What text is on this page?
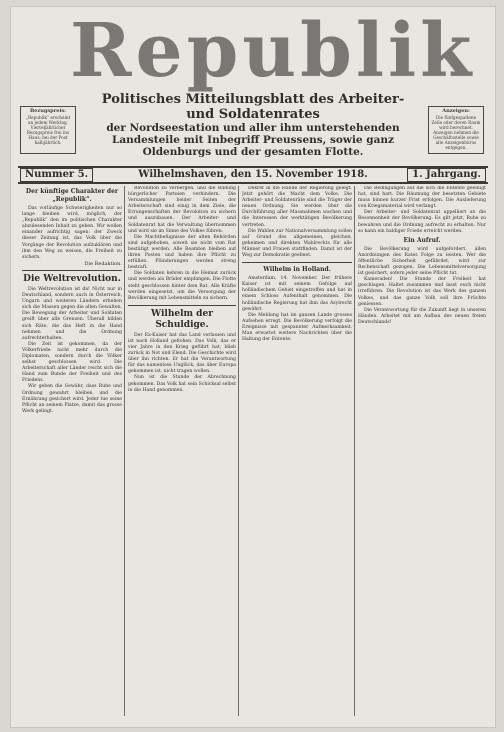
Republik
Bezugspreis:
„Republik“ erscheint an jedem Werktag. Vierteljährlicher Bezugspreis frei ins Haus; bei der Post halbjährlich.
Politisches Mitteilungsblatt des Arbeiter- und Soldatenrates
der Nordseestation und aller ihm unterstehenden Landesteile mit Inbegriff Preussens, sowie ganz Oldenburgs und der gesamten Flotte.
Anzeigen:
Die fünfgespaltene Zeile oder deren Raum wird berechnet. Anzeigen nehmen die Geschäftsstelle sowie alle Anzeigenbüros entgegen.
Nummer 5.	Wilhelmshaven, den 15. November 1918.	1. Jahrgang.
Der künftige Charakter der „Republik“.

Das vorläufige Schwierigkeiten nur so lange bleiben wird, möglich, der „Republik“ den im politischen Charakter abzulesenden Inhalt zu geben. Wir wollen einander aufrichtig sagen: der Zweck dieser Zeitung ist, das Volk über die Vorgänge der Revolution aufzuklären und ihm den Weg zu weisen, die Freiheit zu sichern.

Die Redaktion.
Die Weltrevolution.

Die Weltrevolution ist da! Nicht nur in Deutschland, sondern auch in Österreich, Ungarn und weiteren Ländern erheben sich die Massen gegen die alten Gewalten. Die Bewegung der Arbeiter und Soldaten greift über alle Grenzen. Überall bilden sich Räte, die das Heft in die Hand nehmen und die Ordnung aufrechterhalten.

Die Zeit ist gekommen, da der Völkerfriede nicht mehr durch die Diplomaten, sondern durch die Völker selbst geschlossen wird. Die Arbeiterschaft aller Länder reicht sich die Hand zum Bunde der Freiheit und des Friedens.

Wir geben die Gewähr, dass Ruhe und Ordnung gewahrt bleiben und die Ernährung gesichert wird. Jeder tue seine Pflicht an seinem Platze, damit das grosse Werk gelingt.

Revolution zu verbergen, und die Bildung bürgerlicher Parteien verhindern. Die Versammlungen beider Seiten der Arbeiterschaft sind einig in dem Ziele, die Errungenschaften der Revolution zu sichern und auszubauen. Der Arbeiter- und Soldatenrat hat die Verwaltung übernommen und wird sie im Sinne des Volkes führen.

Die Machtbefugnisse der alten Behörden sind aufgehoben, soweit sie nicht vom Rat bestätigt werden. Alle Beamten bleiben auf ihren Posten und haben ihre Pflicht zu erfüllen. Plünderungen werden streng bestraft.

Die Soldaten kehren in die Heimat zurück und werden als Brüder empfangen. Die Flotte steht geschlossen hinter dem Rat. Alle Kräfte werden eingesetzt, um die Versorgung der Bevölkerung mit Lebensmitteln zu sichern.

Wilhelm der Schuldige.

Der Ex-Kaiser hat das Land verlassen und ist nach Holland geflohen. Das Volk, das er vier Jahre in den Krieg geführt hat, blieb zurück in Not und Elend. Die Geschichte wird über ihn richten. Er hat die Verantwortung für das namenlose Unglück, das über Europa gekommen ist, nicht tragen wollen.

Nun ist die Stunde der Abrechnung gekommen. Das Volk hat sein Schicksal selbst in die Hand genommen.

Dekret in die Hände der Regierung gelegt. Jetzt gehört die Macht dem Volke. Die Arbeiter- und Soldatenräte sind die Träger der neuen Ordnung. Sie werden über die Durchführung aller Massnahmen wachen und die Interessen der werktätigen Bevölkerung vertreten.

Die Wahlen zur Nationalversammlung sollen auf Grund des allgemeinen, gleichen, geheimen und direkten Wahlrechts für alle Männer und Frauen stattfinden. Damit ist der Weg zur Demokratie geebnet.

Wilhelm in Holland.

Amsterdam, 14. November. Der frühere Kaiser ist mit seinem Gefolge auf holländischem Gebiet eingetroffen und hat in einem Schloss Aufenthalt genommen. Die holländische Regierung hat ihm das Asylrecht gewährt.

Die Meldung hat im ganzen Lande grosses Aufsehen erregt. Die Bevölkerung verfolgt die Ereignisse mit gespannter Aufmerksamkeit. Man erwartet weitere Nachrichten über die Haltung der Entente.

Die Bedingungen auf die sich die Entente geeinigt hat, sind hart. Die Räumung der besetzten Gebiete muss binnen kurzer Frist erfolgen. Die Auslieferung von Kriegsmaterial wird verlangt.

Der Arbeiter- und Soldatenrat appelliert an die Besonnenheit der Bevölkerung. Es gilt jetzt, Ruhe zu bewahren und die Ordnung aufrecht zu erhalten. Nur so kann ein baldiger Friede erreicht werden.

Ein Aufruf.

Die Bevölkerung wird aufgefordert, allen Anordnungen des Rates Folge zu leisten. Wer die öffentliche Sicherheit gefährdet, wird zur Rechenschaft gezogen. Die Lebensmittelversorgung ist gesichert, sofern jeder seine Pflicht tut.

Kameraden! Die Stunde der Freiheit hat geschlagen. Haltet zusammen und lasst euch nicht irreführen. Die Revolution ist das Werk des ganzen Volkes, und das ganze Volk soll ihre Früchte geniessen.

Die Verantwortung für die Zukunft liegt in unseren Händen. Arbeitet mit am Aufbau des neuen freien Deutschlands!
